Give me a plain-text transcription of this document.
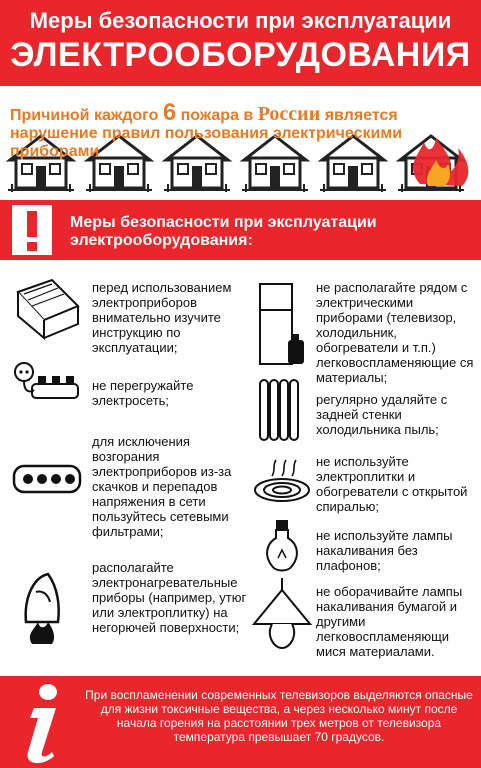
Меры безопасности при эксплуатации
ЭЛЕКТРООБОРУДОВАНИЯ
Причиной каждого 6 пожара в России является
нарушение правил пользования электрическими
приборами
Меры безопасности при эксплуатации
электрооборудования:
перед использованием электроприборов внимательно изучите инструкцию по эксплуатации;
не перегружайте электросеть;
для исключения возгорания электроприборов из-за скачков и перепадов напряжения в сети пользуйтесь сетевыми фильтрами;
располагайте электронагревательные приборы (например, утюг или электроплитку) на негорючей поверхности;
не располагайте рядом с электрическими приборами (телевизор, холодильник, обогреватели и т.п.) легковоспламеняющие ся материалы;
регулярно удаляйте с задней стенки холодильника пыль;
не используйте электроплитки и обогреватели с открытой спиралью;
не используйте лампы накаливания без плафонов;
не оборачивайте лампы накаливания бумагой и другими легковоспламеняющи мися материалами.
При воспламенении современных телевизоров выделяются опасные для жизни токсичные вещества, а через несколько минут после начала горения на расстоянии трех метров от телевизора температура превышает 70 градусов.
